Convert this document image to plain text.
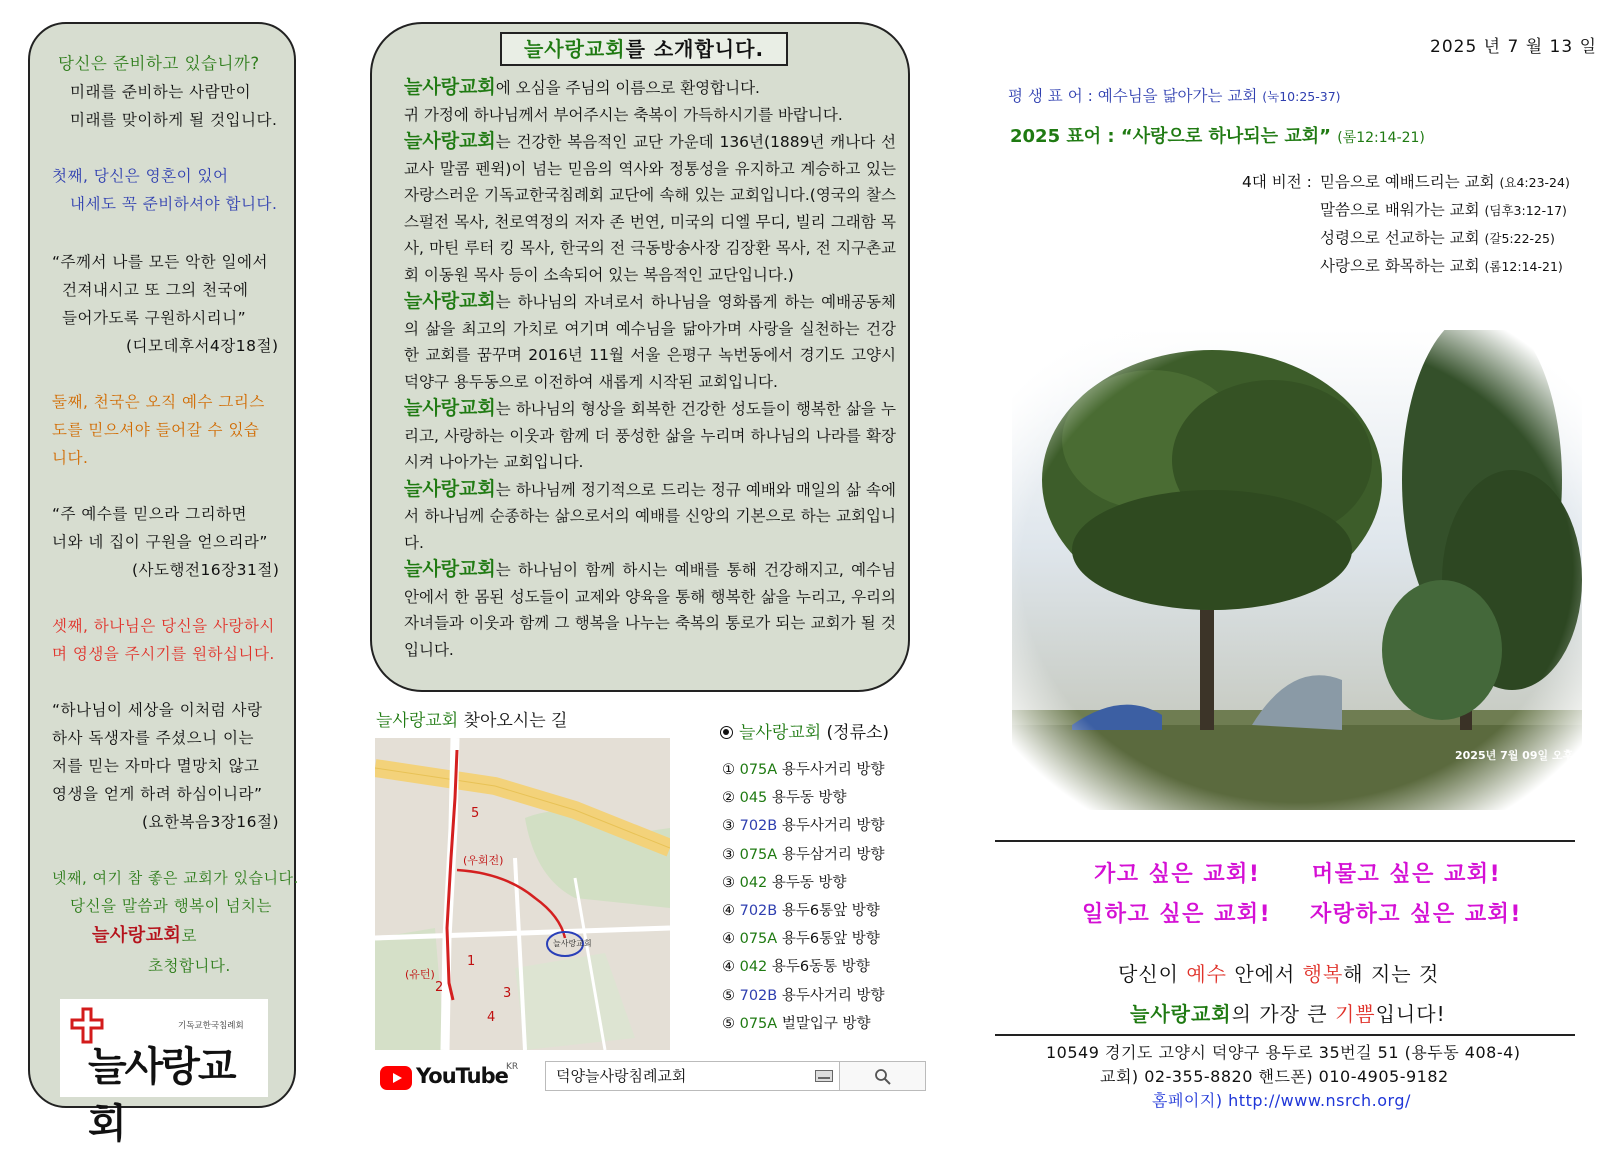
당신은 준비하고 있습니까?
미래를 준비하는 사람만이
미래를 맞이하게 될 것입니다.
첫째, 당신은 영혼이 있어
내세도 꼭 준비하셔야 합니다.
“주께서 나를 모든 악한 일에서
건져내시고 또 그의 천국에
들어가도록 구원하시리니”
(디모데후서4장18절)
둘째, 천국은 오직 예수 그리스
도를 믿으셔야 들어갈 수 있습
니다.
“주 예수를 믿으라 그리하면
너와 네 집이 구원을 얻으리라”
(사도행전16장31절)
셋째, 하나님은 당신을 사랑하시
며 영생을 주시기를 원하십니다.
“하나님이 세상을 이처럼 사랑
하사 독생자를 주셨으니 이는
저를 믿는 자마다 멸망치 않고
영생을 얻게 하려 하심이니라”
(요한복음3장16절)
넷째, 여기 참 좋은 교회가 있습니다.
당신을 말씀과 행복이 넘치는
늘사랑교회로
초청합니다.
기독교한국침례회
늘사랑교회
늘사랑교회를 소개합니다.

늘사랑교회에 오심을 주님의 이름으로 환영합니다.

귀 가정에 하나님께서 부어주시는 축복이 가득하시기를 바랍니다.

늘사랑교회는 건강한 복음적인 교단 가운데 136년(1889년 캐나다 선교사 말콤 펜윅)이 넘는 믿음의 역사와 정통성을 유지하고 계승하고 있는 자랑스러운 기독교한국침례회 교단에 속해 있는 교회입니다.(영국의 찰스 스펄전 목사, 천로역정의 저자 존 번연, 미국의 디엘 무디, 빌리 그래함 목사, 마틴 루터 킹 목사, 한국의 전 극동방송사장 김장환 목사, 전 지구촌교회 이동원 목사 등이 소속되어 있는 복음적인 교단입니다.)

늘사랑교회는 하나님의 자녀로서 하나님을 영화롭게 하는 예배공동체의 삶을 최고의 가치로 여기며 예수님을 닮아가며 사랑을 실천하는 건강한 교회를 꿈꾸며 2016년 11월 서울 은평구 녹번동에서 경기도 고양시 덕양구 용두동으로 이전하여 새롭게 시작된 교회입니다.

늘사랑교회는 하나님의 형상을 회복한 건강한 성도들이 행복한 삶을 누리고, 사랑하는 이웃과 함께 더 풍성한 삶을 누리며 하나님의 나라를 확장시켜 나아가는 교회입니다.

늘사랑교회는 하나님께 정기적으로 드리는 정규 예배와 매일의 삶 속에서 하나님께 순종하는 삶으로서의 예배를 신앙의 기본으로 하는 교회입니다.

늘사랑교회는 하나님이 함께 하시는 예배를 통해 건강해지고, 예수님 안에서 한 몸된 성도들이 교제와 양육을 통해 행복한 삶을 누리고, 우리의 자녀들과 이웃과 함께 그 행복을 나누는 축복의 통로가 되는 교회가 될 것입니다.

늘사랑교회 찾아오시는 길
5
1
2	3
4
(우회전)
(유턴)
늘사랑교회
늘사랑교회 (정류소)
① 075A 용두사거리 방향
② 045 용두동 방향
③ 702B 용두사거리 방향
③ 075A 용두삼거리 방향
③ 042 용두동 방향
④ 702B 용두6통앞 방향
④ 075A 용두6통앞 방향
④ 042 용두6동통 방향
⑤ 702B 용두사거리 방향
⑤ 075A 벌말입구 방향
YouTube
KR	덕양늘사랑침례교회
2025 년 7 월 13 일
평 생 표 어 : 예수님을 닮아가는 교회 (눅10:25-37)
2025 표어 : “사랑으로 하나되는 교회” (롬12:14-21)
4대 비전 : 믿음으로 예배드리는 교회 (요4:23-24)
말씀으로 배워가는 교회 (딤후3:12-17)
성령으로 선교하는 교회 (갈5:22-25)
사랑으로 화목하는 교회 (롬12:14-21)
2025년 7월 09일 오후 6:54
가고 싶은 교회! 머물고 싶은 교회!
일하고 싶은 교회! 자랑하고 싶은 교회!
당신이 예수 안에서 행복해 지는 것
늘사랑교회의 가장 큰 기쁨입니다!
10549 경기도 고양시 덕양구 용두로 35번길 51 (용두동 408-4)
교회) 02-355-8820 핸드폰) 010-4905-9182
홈페이지) http://www.nsrch.org/
